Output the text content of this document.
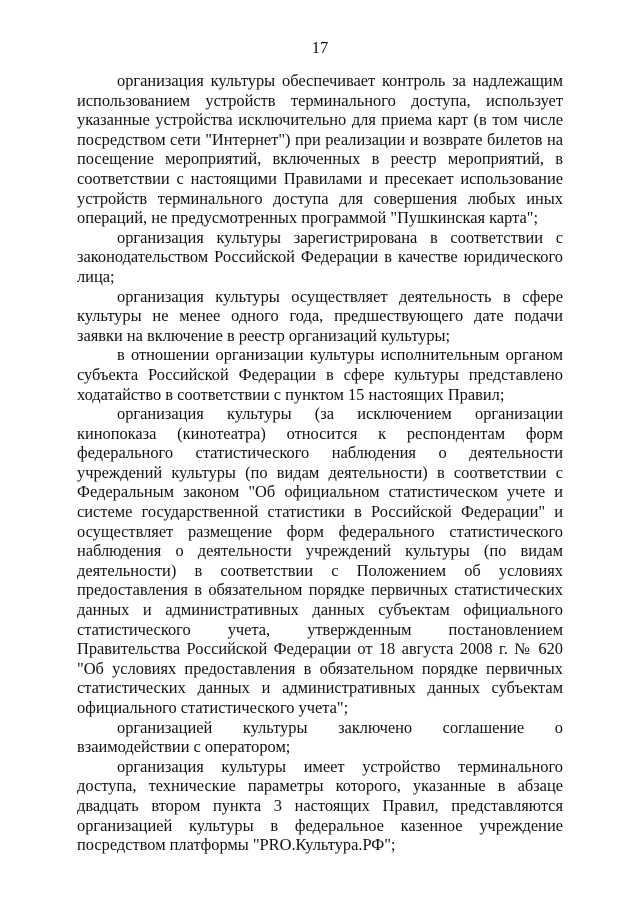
17

организация культуры обеспечивает контроль за надлежащим использованием устройств терминального доступа, использует указанные устройства исключительно для приема карт (в том числе посредством сети "Интернет") при реализации и возврате билетов на посещение мероприятий, включенных в реестр мероприятий, в соответствии с настоящими Правилами и пресекает использование устройств терминального доступа для совершения любых иных операций, не предусмотренных программой "Пушкинская карта";

организация культуры зарегистрирована в соответствии с законодательством Российской Федерации в качестве юридического лица;

организация культуры осуществляет деятельность в сфере культуры не менее одного года, предшествующего дате подачи заявки на включение в реестр организаций культуры;

в отношении организации культуры исполнительным органом субъекта Российской Федерации в сфере культуры представлено ходатайство в соответствии с пунктом 15 настоящих Правил;

организация культуры (за исключением организации кинопоказа (кинотеатра) относится к респондентам форм федерального статистического наблюдения о деятельности учреждений культуры (по видам деятельности) в соответствии с Федеральным законом "Об официальном статистическом учете и системе государственной статистики в Российской Федерации" и осуществляет размещение форм федерального статистического наблюдения о деятельности учреждений культуры (по видам деятельности) в соответствии с Положением об условиях предоставления в обязательном порядке первичных статистических данных и административных данных субъектам официального статистического учета, утвержденным постановлением Правительства Российской Федерации от 18 августа 2008 г. № 620 "Об условиях предоставления в обязательном порядке первичных статистических данных и административных данных субъектам официального статистического учета";

организацией культуры заключено соглашение о взаимодействии с оператором;

организация культуры имеет устройство терминального доступа, технические параметры которого, указанные в абзаце двадцать втором пункта 3 настоящих Правил, представляются организацией культуры в федеральное казенное учреждение посредством платформы "PRO.Культура.РФ";
